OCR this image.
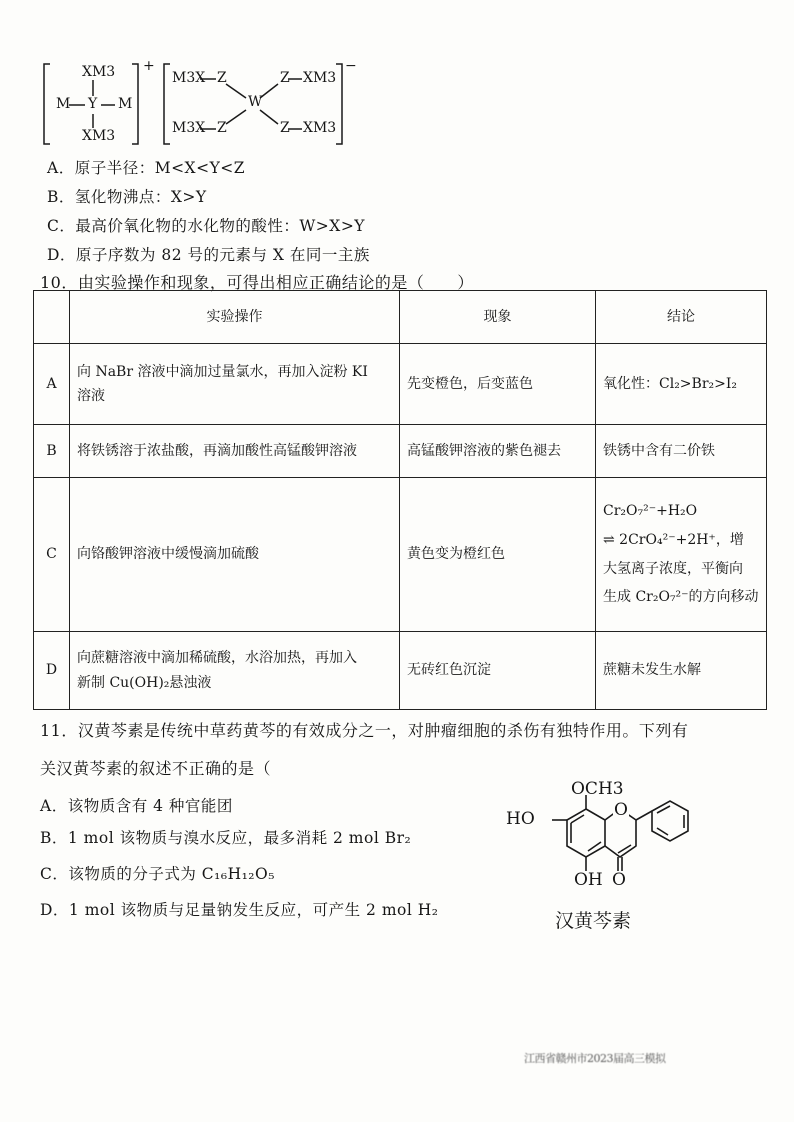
XM3
M Y M
XM3
+
M3X Z
W
Z XM3
M3X Z	Z XM3
−
A．原子半径：M<X<Y<Z
B．氢化物沸点：X>Y
C．最高价氧化物的水化物的酸性：W>X>Y
D．原子序数为 82 号的元素与 X 在同一主族
10．由实验操作和现象，可得出相应正确结论的是（　　）
	实验操作	现象	结论
A	向 NaBr 溶液中滴加过量氯水，再加入淀粉 KI
溶液	先变橙色，后变蓝色	氧化性：Cl₂>Br₂>I₂

B	将铁锈溶于浓盐酸，再滴加酸性高锰酸钾溶液	高锰酸钾溶液的紫色褪去	铁锈中含有二价铁

C	向铬酸钾溶液中缓慢滴加硫酸	黄色变为橙红色	Cr₂O₇²⁻+H₂O
⇌ 2CrO₄²⁻+2H⁺，增
大氢离子浓度，平衡向
生成 Cr₂O₇²⁻的方向移动

D	向蔗糖溶液中滴加稀硫酸，水浴加热，再加入
新制 Cu(OH)₂悬浊液	无砖红色沉淀	蔗糖未发生水解
11．汉黄芩素是传统中草药黄芩的有效成分之一，对肿瘤细胞的杀伤有独特作用。下列有
关汉黄芩素的叙述不正确的是（
A．该物质含有 4 种官能团
B．1 mol 该物质与溴水反应，最多消耗 2 mol Br₂
C．该物质的分子式为 C₁₆H₁₂O₅
D．1 mol 该物质与足量钠发生反应，可产生 2 mol H₂
OCH3
HO	O
OH O
汉黄芩素
江西省赣州市2023届高三模拟
